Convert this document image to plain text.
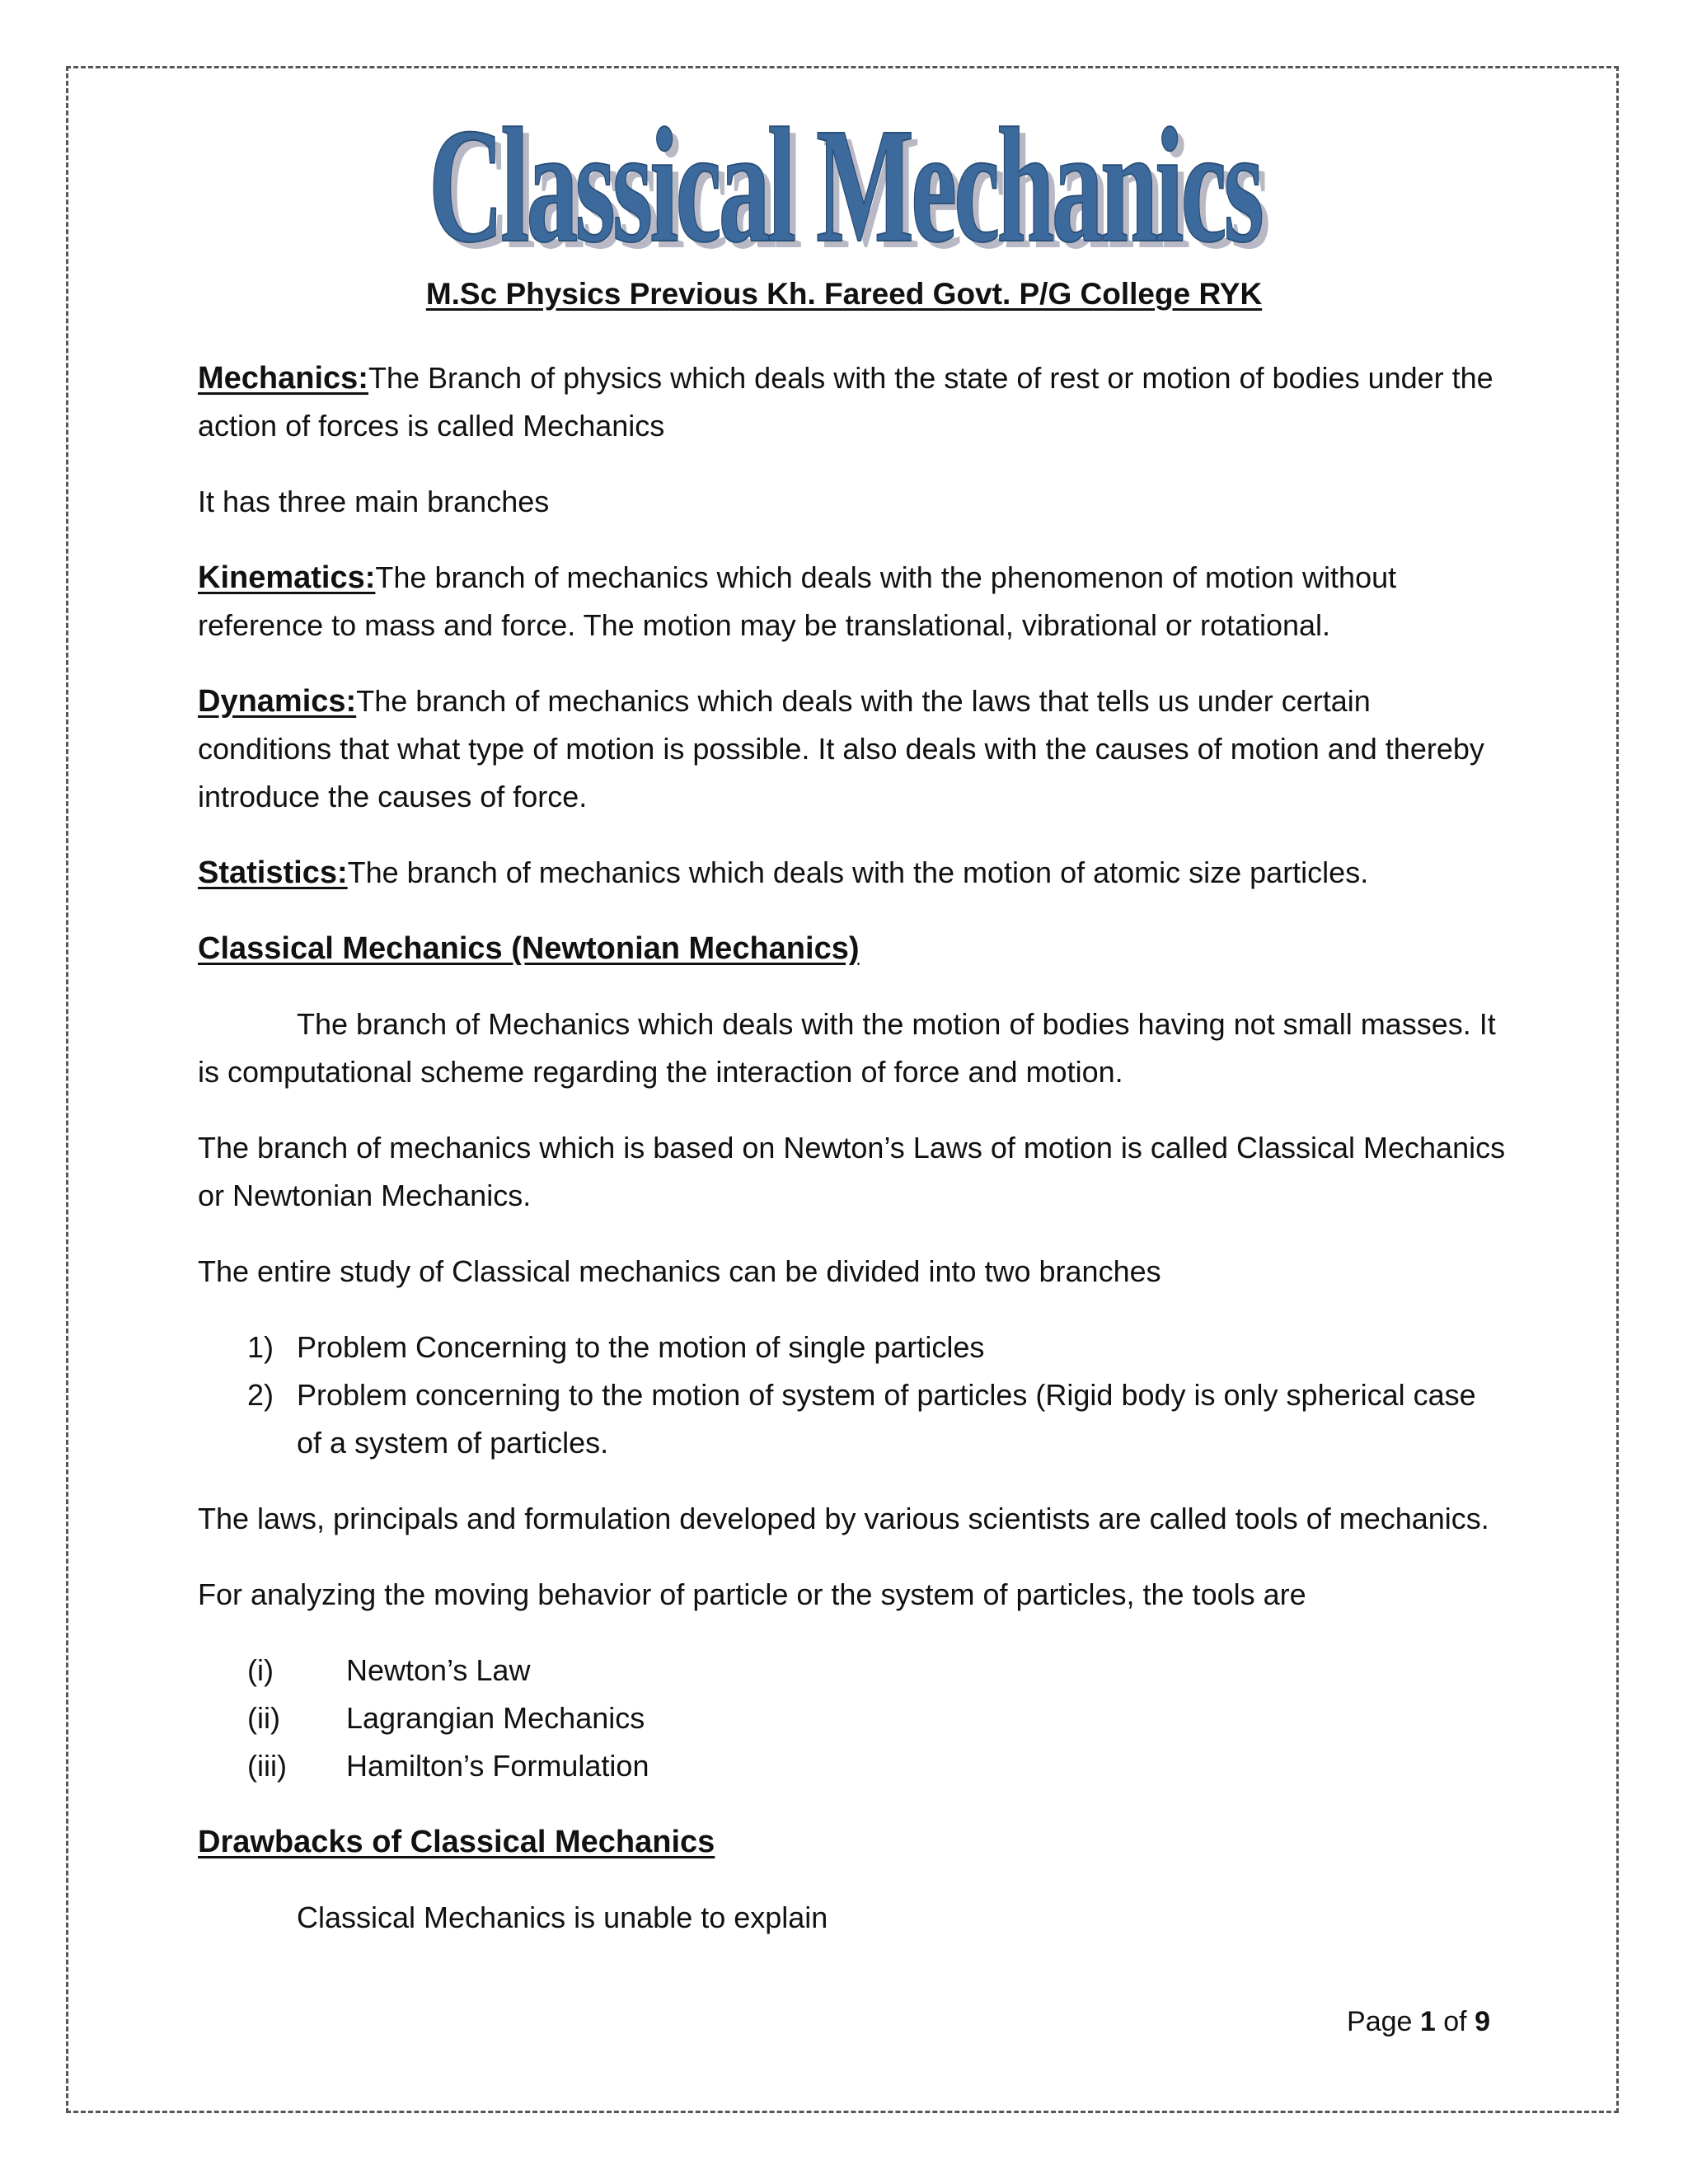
Classical Mechanics
Classical Mechanics
M.Sc Physics Previous Kh. Fareed Govt. P/G College RYK

Mechanics:The Branch of physics which deals with the state of rest or motion of bodies under the action of forces is called Mechanics

It has three main branches

Kinematics:The branch of mechanics which deals with the phenomenon of motion without reference to mass and force. The motion may be translational, vibrational or rotational.

Dynamics:The branch of mechanics which deals with the laws that tells us under certain conditions that what type of motion is possible. It also deals with the causes of motion and thereby introduce the causes of force.

Statistics:The branch of mechanics which deals with the motion of atomic size particles.

Classical Mechanics (Newtonian Mechanics)

The branch of Mechanics which deals with the motion of bodies having not small masses. It is computational scheme regarding the interaction of force and motion.

The branch of mechanics which is based on Newton’s Laws of motion is called Classical Mechanics or Newtonian Mechanics.

The entire study of Classical mechanics can be divided into two branches

1) Problem Concerning to the motion of single particles
2) Problem concerning to the motion of system of particles (Rigid body is only spherical case of a system of particles.

The laws, principals and formulation developed by various scientists are called tools of mechanics.

For analyzing the moving behavior of particle or the system of particles, the tools are

(i) Newton’s Law
(ii) Lagrangian Mechanics
(iii) Hamilton’s Formulation

Drawbacks of Classical Mechanics

Classical Mechanics is unable to explain

Page 1 of 9
